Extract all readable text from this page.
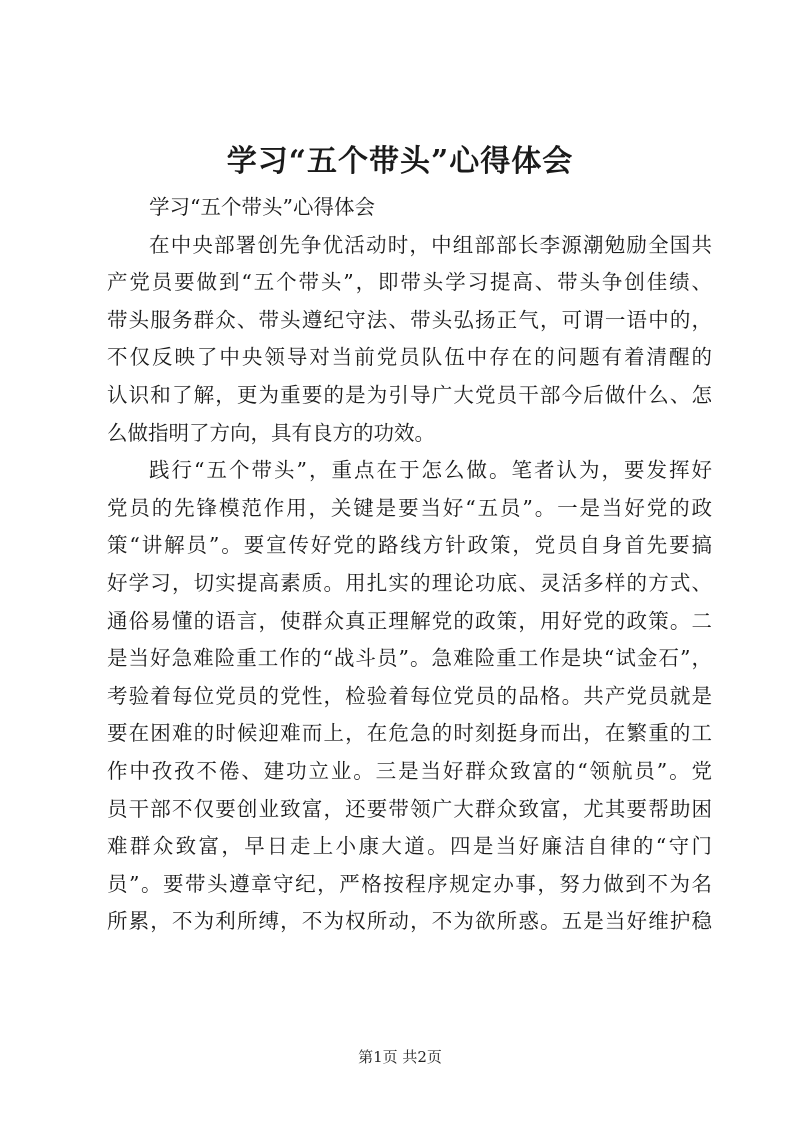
学习“五个带头”心得体会
学习“五个带头”心得体会
在中央部署创先争优活动时，中组部部长李源潮勉励全国共
产党员要做到“五个带头”，即带头学习提高、带头争创佳绩、
带头服务群众、带头遵纪守法、带头弘扬正气，可谓一语中的，
不仅反映了中央领导对当前党员队伍中存在的问题有着清醒的
认识和了解，更为重要的是为引导广大党员干部今后做什么、怎
么做指明了方向，具有良方的功效。
践行“五个带头”，重点在于怎么做。笔者认为，要发挥好
党员的先锋模范作用，关键是要当好“五员”。一是当好党的政
策“讲解员”。要宣传好党的路线方针政策，党员自身首先要搞
好学习，切实提高素质。用扎实的理论功底、灵活多样的方式、
通俗易懂的语言，使群众真正理解党的政策，用好党的政策。二
是当好急难险重工作的“战斗员”。急难险重工作是块“试金石”，
考验着每位党员的党性，检验着每位党员的品格。共产党员就是
要在困难的时候迎难而上，在危急的时刻挺身而出，在繁重的工
作中孜孜不倦、建功立业。三是当好群众致富的“领航员”。党
员干部不仅要创业致富，还要带领广大群众致富，尤其要帮助困
难群众致富，早日走上小康大道。四是当好廉洁自律的“守门
员”。要带头遵章守纪，严格按程序规定办事，努力做到不为名
所累，不为利所缚，不为权所动，不为欲所惑。五是当好维护稳
第1页 共2页
